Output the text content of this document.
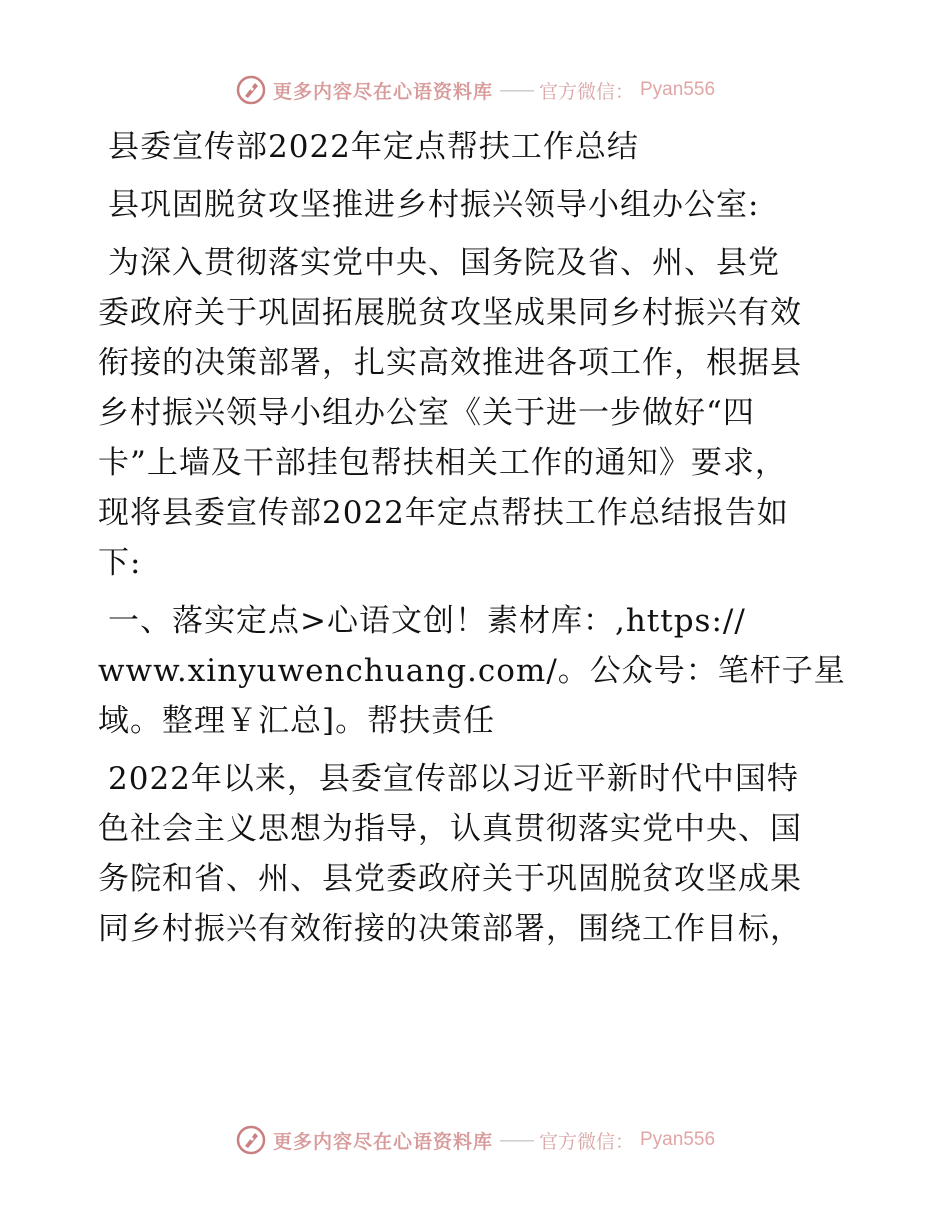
更多内容尽在心语资料库 —— 官方微信： Pyan556
县委宣传部2022年定点帮扶工作总结
县巩固脱贫攻坚推进乡村振兴领导小组办公室:
为深入贯彻落实党中央、国务院及省、州、县党
委政府关于巩固拓展脱贫攻坚成果同乡村振兴有效
衔接的决策部署，扎实高效推进各项工作，根据县
乡村振兴领导小组办公室《关于进一步做好“四
卡”上墙及干部挂包帮扶相关工作的通知》要求，
现将县委宣传部2022年定点帮扶工作总结报告如
下:
一、落实定点>心语文创！素材库：,https://
www.xinyuwenchuang.com/。公众号：笔杆子星
域。整理￥汇总]。帮扶责任
2022年以来，县委宣传部以习近平新时代中国特
色社会主义思想为指导，认真贯彻落实党中央、国
务院和省、州、县党委政府关于巩固脱贫攻坚成果
同乡村振兴有效衔接的决策部署，围绕工作目标，
更多内容尽在心语资料库 —— 官方微信： Pyan556
